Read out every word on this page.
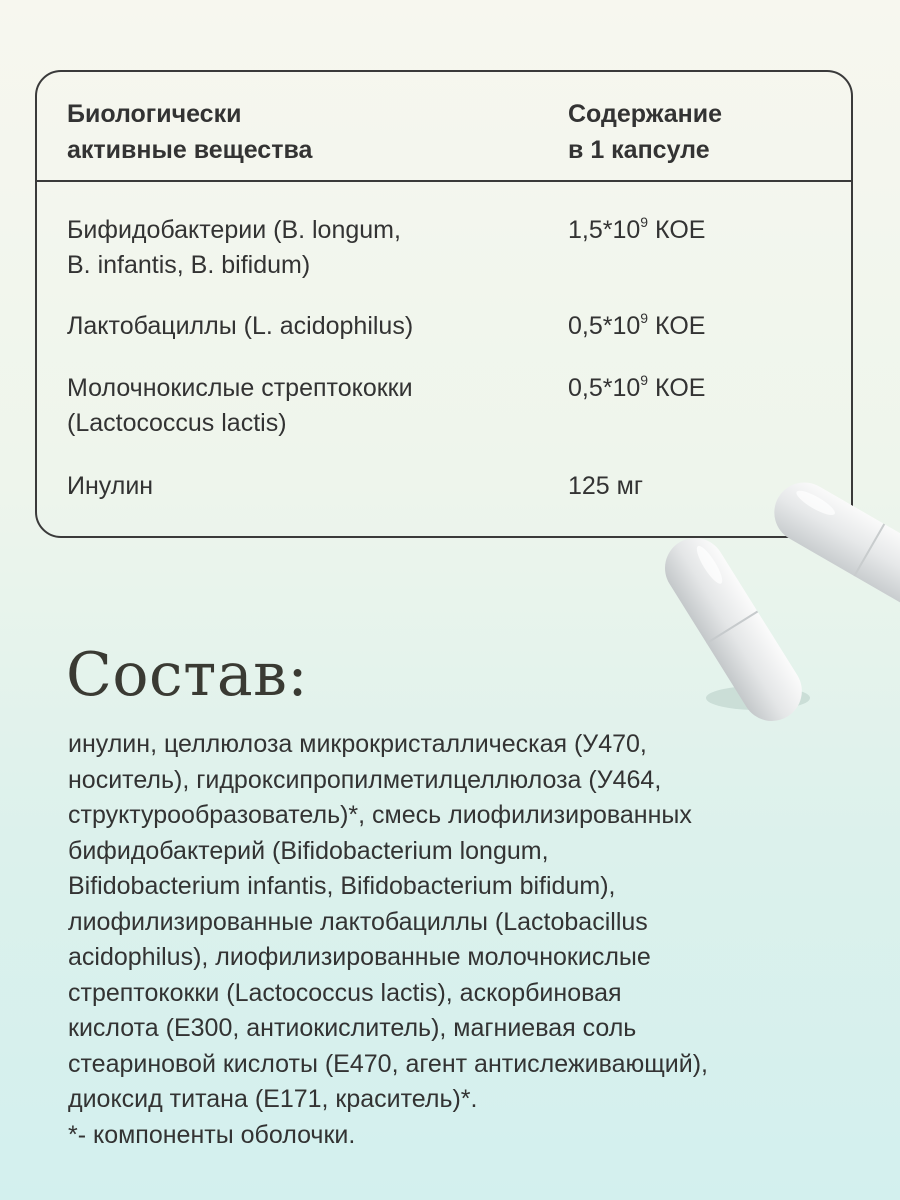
Биологически
активные вещества
Содержание
в 1 капсуле
Бифидобактерии (B. longum,
B. infantis, B. bifidum)
$1,5*10^9$ КОЕ
Лактобациллы (L. acidophilus)	$0,5*10^9$ КОЕ
Молочнокислые стрептококки
(Lactococcus lactis)
$0,5*10^9$ КОЕ
Инулин	125 мг
Состав:
инулин, целлюлоза микрокристаллическая (У470,
носитель), гидроксипропилметилцеллюлоза (У464,
структурообразователь)*, смесь лиофилизированных
бифидобактерий (Bifidobacterium longum,
Bifidobacterium infantis, Bifidobacterium bifidum),
лиофилизированные лактобациллы (Lactobacillus
acidophilus), лиофилизированные молочнокислые
стрептококки (Lactococcus lactis), аскорбиновая
кислота (Е300, антиокислитель), магниевая соль
стеариновой кислоты (Е470, агент антислеживающий),
диоксид титана (Е171, краситель)*.
*- компоненты оболочки.
